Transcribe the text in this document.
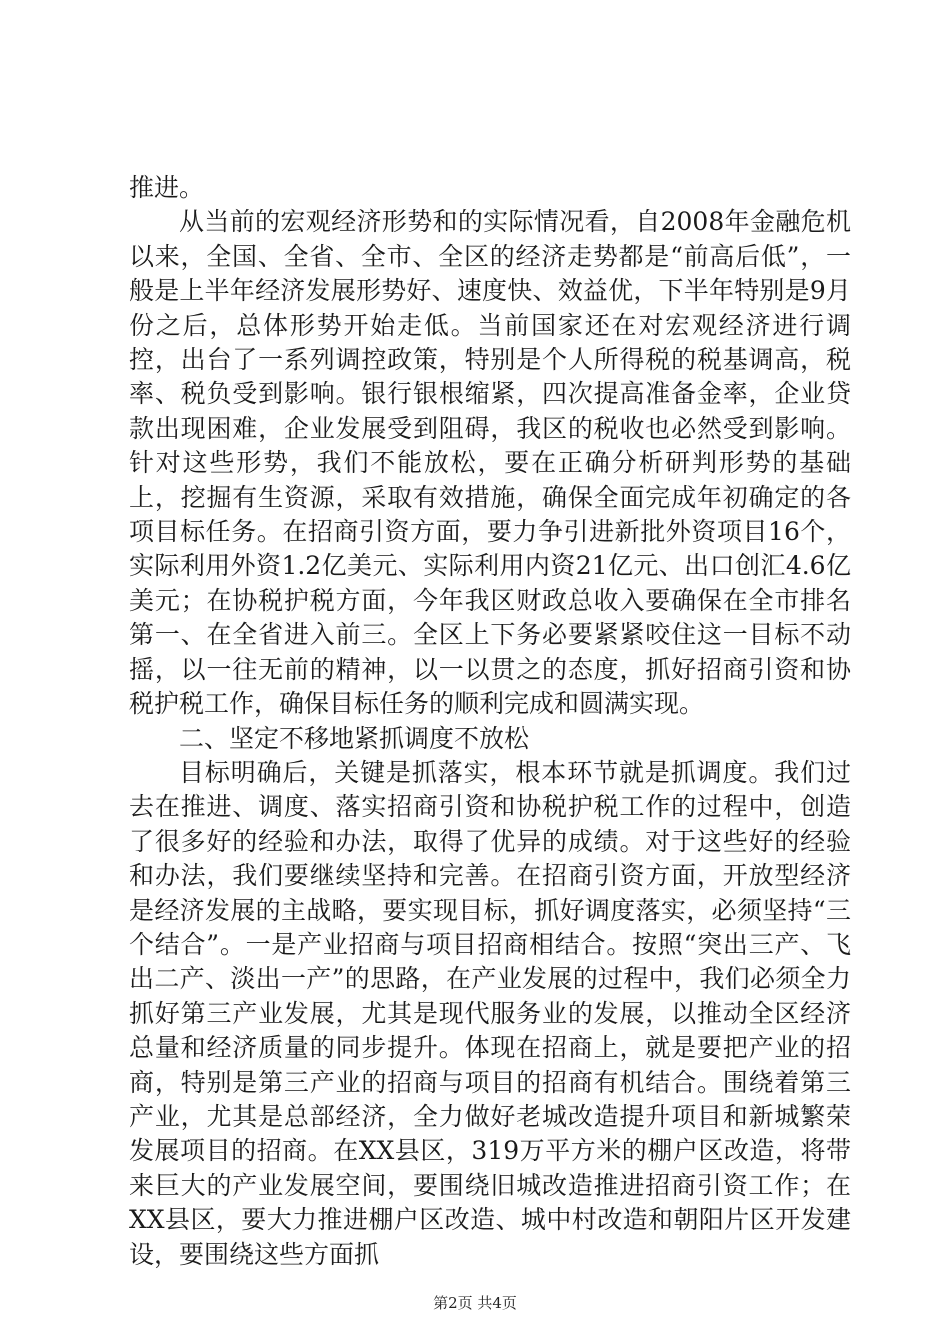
推进。

从当前的宏观经济形势和的实际情况看，自2008年金融危机以来，全国、全省、全市、全区的经济走势都是“前高后低”，一般是上半年经济发展形势好、速度快、效益优，下半年特别是9月份之后，总体形势开始走低。当前国家还在对宏观经济进行调控，出台了一系列调控政策，特别是个人所得税的税基调高，税率、税负受到影响。银行银根缩紧，四次提高准备金率，企业贷款出现困难，企业发展受到阻碍，我区的税收也必然受到影响。针对这些形势，我们不能放松，要在正确分析研判形势的基础上，挖掘有生资源，采取有效措施，确保全面完成年初确定的各项目标任务。在招商引资方面，要力争引进新批外资项目16个，实际利用外资1.2亿美元、实际利用内资21亿元、出口创汇4.6亿美元；在协税护税方面，今年我区财政总收入要确保在全市排名第一、在全省进入前三。全区上下务必要紧紧咬住这一目标不动摇，以一往无前的精神，以一以贯之的态度，抓好招商引资和协税护税工作，确保目标任务的顺利完成和圆满实现。

二、坚定不移地紧抓调度不放松

目标明确后，关键是抓落实，根本环节就是抓调度。我们过去在推进、调度、落实招商引资和协税护税工作的过程中，创造了很多好的经验和办法，取得了优异的成绩。对于这些好的经验和办法，我们要继续坚持和完善。在招商引资方面，开放型经济是经济发展的主战略，要实现目标，抓好调度落实，必须坚持“三个结合”。一是产业招商与项目招商相结合。按照“突出三产、飞出二产、淡出一产”的思路，在产业发展的过程中，我们必须全力抓好第三产业发展，尤其是现代服务业的发展，以推动全区经济总量和经济质量的同步提升。体现在招商上，就是要把产业的招商，特别是第三产业的招商与项目的招商有机结合。围绕着第三产业，尤其是总部经济，全力做好老城改造提升项目和新城繁荣发展项目的招商。在XX县区，319万平方米的棚户区改造，将带来巨大的产业发展空间，要围绕旧城改造推进招商引资工作；在XX县区，要大力推进棚户区改造、城中村改造和朝阳片区开发建设，要围绕这些方面抓

第2页 共4页
